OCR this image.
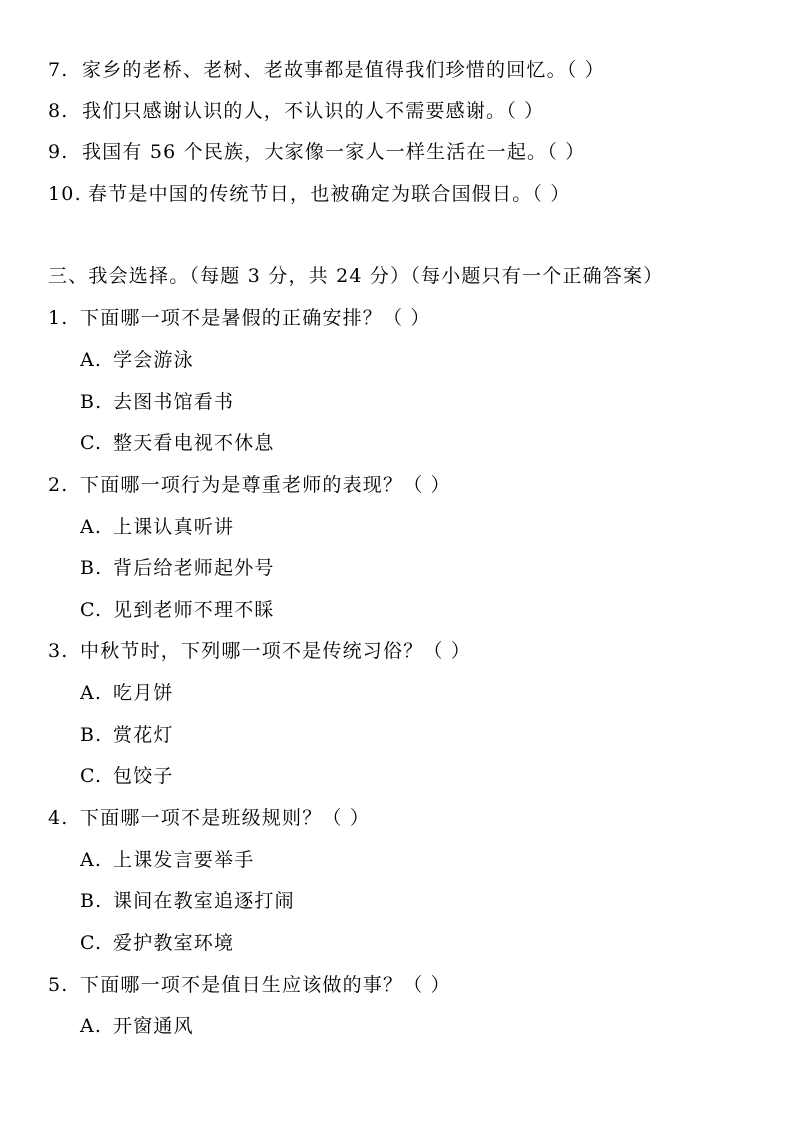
7. 家乡的老桥、老树、老故事都是值得我们珍惜的回忆。（ ）
8. 我们只感谢认识的人，不认识的人不需要感谢。（ ）
9. 我国有 56 个民族，大家像一家人一样生活在一起。（ ）
10. 春节是中国的传统节日，也被确定为联合国假日。（ ）
三、我会选择。（每题 3 分，共 24 分）（每小题只有一个正确答案）
1. 下面哪一项不是暑假的正确安排？（ ）
A. 学会游泳
B. 去图书馆看书
C. 整天看电视不休息
2. 下面哪一项行为是尊重老师的表现？（ ）
A. 上课认真听讲
B. 背后给老师起外号
C. 见到老师不理不睬
3. 中秋节时，下列哪一项不是传统习俗？（ ）
A. 吃月饼
B. 赏花灯
C. 包饺子
4. 下面哪一项不是班级规则？（ ）
A. 上课发言要举手
B. 课间在教室追逐打闹
C. 爱护教室环境
5. 下面哪一项不是值日生应该做的事？（ ）
A. 开窗通风
